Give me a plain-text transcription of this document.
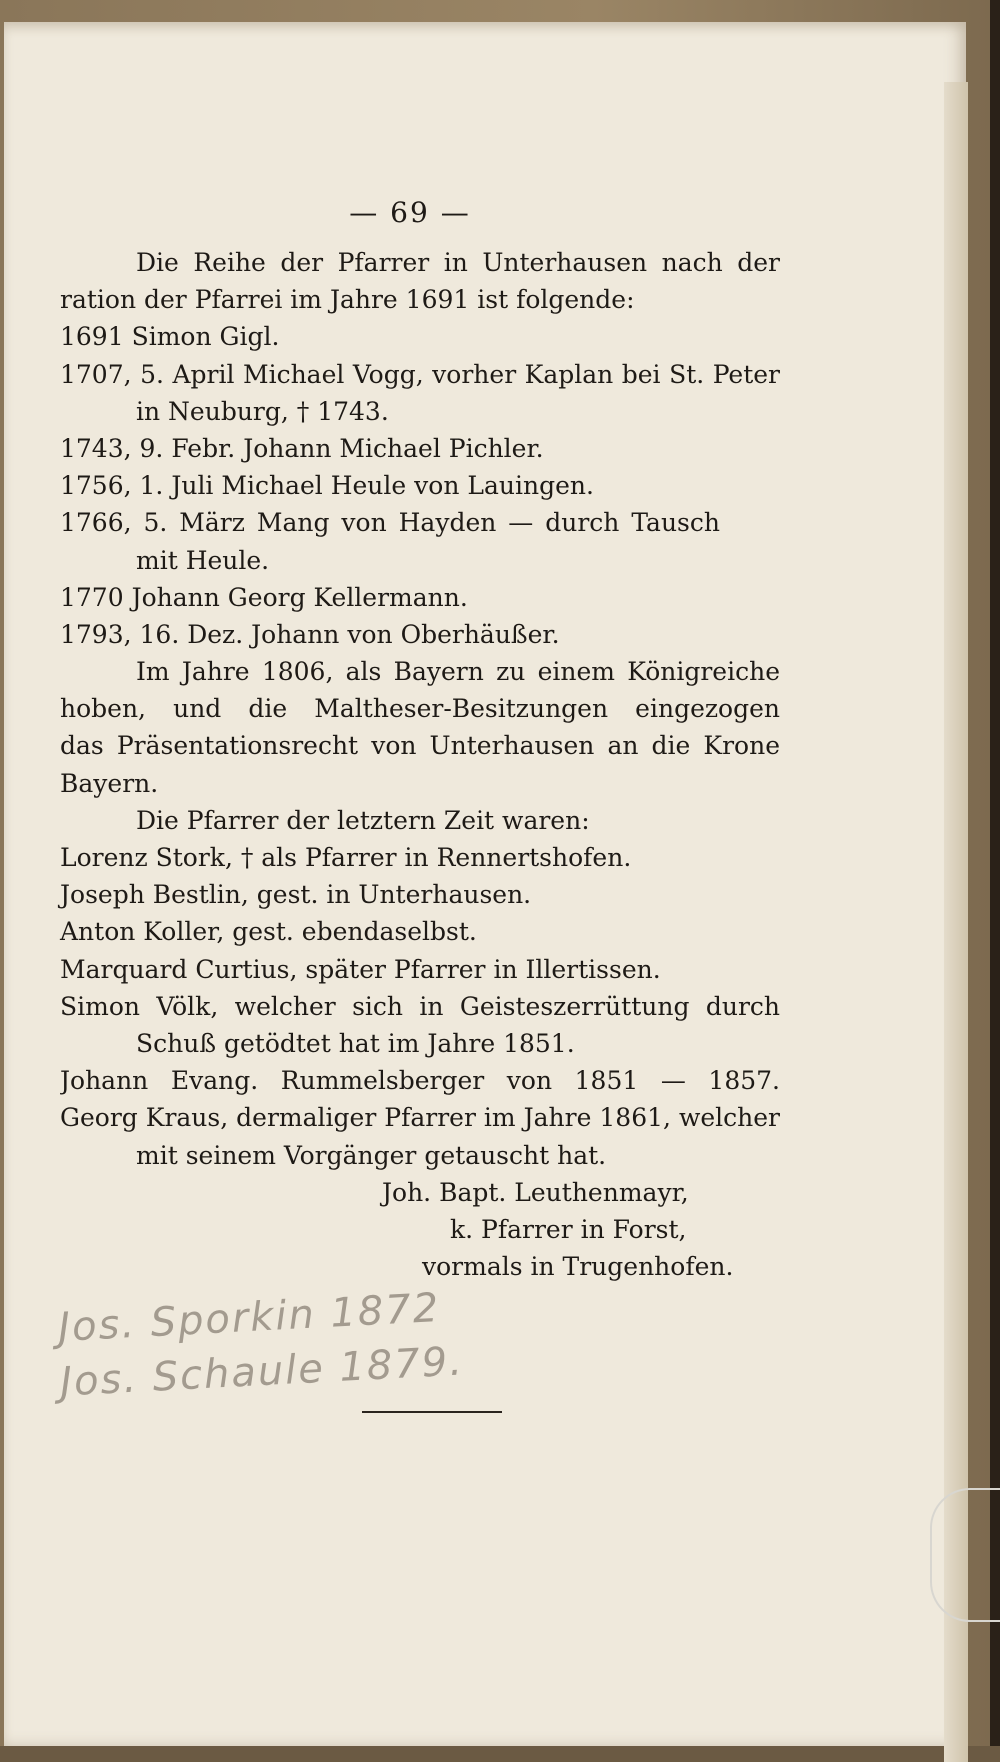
— 69 —
Die Reihe der Pfarrer in Unterhausen nach der
ration der Pfarrei im Jahre 1691 ist folgende:
1691 Simon Gigl.
1707, 5. April Michael Vogg, vorher Kaplan bei St. Peter
in Neuburg, † 1743.
1743, 9. Febr. Johann Michael Pichler.
1756, 1. Juli Michael Heule von Lauingen.
1766, 5. März Mang von Hayden — durch Tausch
mit Heule.
1770 Johann Georg Kellermann.
1793, 16. Dez. Johann von Oberhäußer.
Im Jahre 1806, als Bayern zu einem Königreiche
hoben, und die Maltheser-Besitzungen eingezogen
das Präsentationsrecht von Unterhausen an die Krone
Bayern.
Die Pfarrer der letztern Zeit waren:
Lorenz Stork, † als Pfarrer in Rennertshofen.
Joseph Bestlin, gest. in Unterhausen.
Anton Koller, gest. ebendaselbst.
Marquard Curtius, später Pfarrer in Illertissen.
Simon Völk, welcher sich in Geisteszerrüttung durch
Schuß getödtet hat im Jahre 1851.
Johann Evang. Rummelsberger von 1851 — 1857.
Georg Kraus, dermaliger Pfarrer im Jahre 1861, welcher
mit seinem Vorgänger getauscht hat.
Joh. Bapt. Leuthenmayr,
k. Pfarrer in Forst,
vormals in Trugenhofen.
Jos. Sporkin 1872
Jos. Schaule 1879.
